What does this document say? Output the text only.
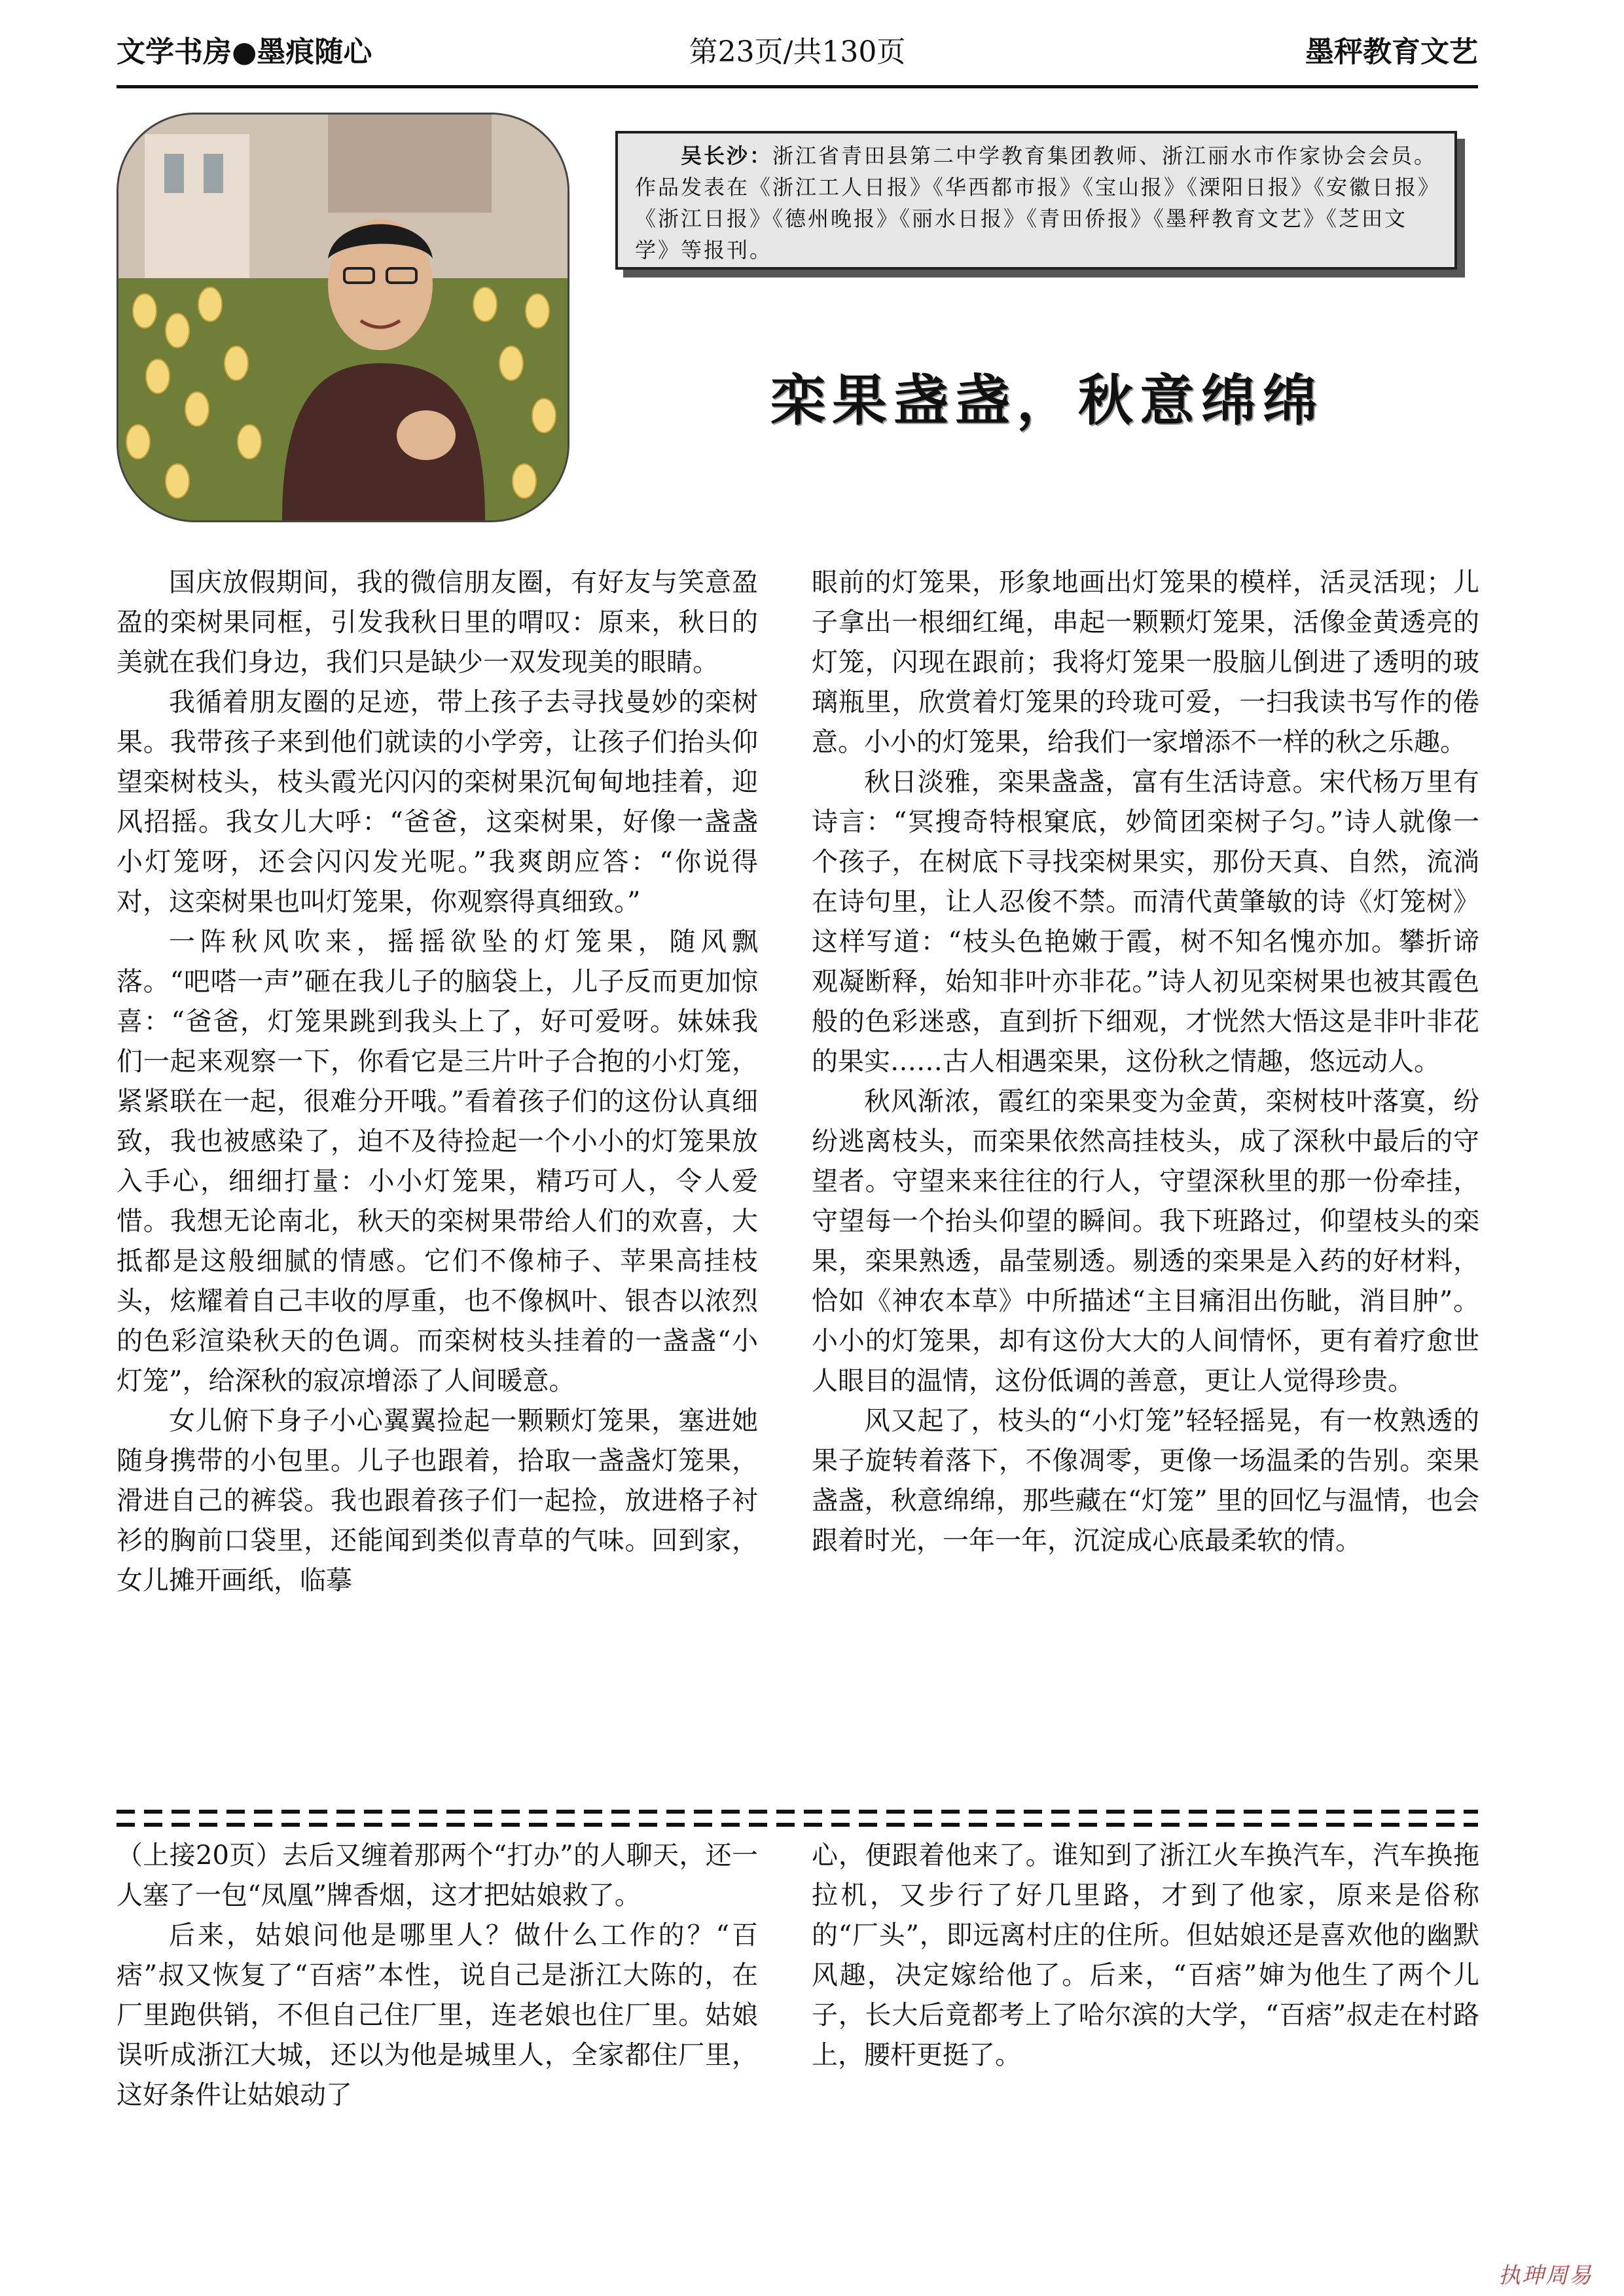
文学书房●墨痕随心	第23页/共130页	墨秤教育文艺

吴长沙：浙江省青田县第二中学教育集团教师、浙江丽水市作家协会会员。作品发表在《浙江工人日报》《华西都市报》《宝山报》《溧阳日报》《安徽日报》《浙江日报》《德州晚报》《丽水日报》《青田侨报》《墨秤教育文艺》《芝田文学》等报刊。

栾果盏盏，秋意绵绵

国庆放假期间，我的微信朋友圈，有好友与笑意盈盈的栾树果同框，引发我秋日里的喟叹：原来，秋日的美就在我们身边，我们只是缺少一双发现美的眼睛。

我循着朋友圈的足迹，带上孩子去寻找曼妙的栾树果。我带孩子来到他们就读的小学旁，让孩子们抬头仰望栾树枝头，枝头霞光闪闪的栾树果沉甸甸地挂着，迎风招摇。我女儿大呼：“爸爸，这栾树果，好像一盏盏小灯笼呀，还会闪闪发光呢。”我爽朗应答：“你说得对，这栾树果也叫灯笼果，你观察得真细致。”

一阵秋风吹来，摇摇欲坠的灯笼果，随风飘落。“吧嗒一声”砸在我儿子的脑袋上，儿子反而更加惊喜：“爸爸，灯笼果跳到我头上了，好可爱呀。妹妹我们一起来观察一下，你看它是三片叶子合抱的小灯笼，紧紧联在一起，很难分开哦。”看着孩子们的这份认真细致，我也被感染了，迫不及待捡起一个小小的灯笼果放入手心，细细打量：小小灯笼果，精巧可人，令人爱惜。我想无论南北，秋天的栾树果带给人们的欢喜，大抵都是这般细腻的情感。它们不像柿子、苹果高挂枝头，炫耀着自己丰收的厚重，也不像枫叶、银杏以浓烈的色彩渲染秋天的色调。而栾树枝头挂着的一盏盏“小灯笼”，给深秋的寂凉增添了人间暖意。

女儿俯下身子小心翼翼捡起一颗颗灯笼果，塞进她随身携带的小包里。儿子也跟着，拾取一盏盏灯笼果，滑进自己的裤袋。我也跟着孩子们一起捡，放进格子衬衫的胸前口袋里，还能闻到类似青草的气味。回到家，女儿摊开画纸，临摹

眼前的灯笼果，形象地画出灯笼果的模样，活灵活现；儿子拿出一根细红绳，串起一颗颗灯笼果，活像金黄透亮的灯笼，闪现在跟前；我将灯笼果一股脑儿倒进了透明的玻璃瓶里，欣赏着灯笼果的玲珑可爱，一扫我读书写作的倦意。小小的灯笼果，给我们一家增添不一样的秋之乐趣。

秋日淡雅，栾果盏盏，富有生活诗意。宋代杨万里有诗言：“冥搜奇特根窠底，妙简团栾树子匀。”诗人就像一个孩子，在树底下寻找栾树果实，那份天真、自然，流淌在诗句里，让人忍俊不禁。而清代黄肇敏的诗《灯笼树》这样写道：“枝头色艳嫩于霞，树不知名愧亦加。攀折谛观凝断释，始知非叶亦非花。”诗人初见栾树果也被其霞色般的色彩迷惑，直到折下细观，才恍然大悟这是非叶非花的果实……古人相遇栾果，这份秋之情趣，悠远动人。

秋风渐浓，霞红的栾果变为金黄，栾树枝叶落寞，纷纷逃离枝头，而栾果依然高挂枝头，成了深秋中最后的守望者。守望来来往往的行人，守望深秋里的那一份牵挂，守望每一个抬头仰望的瞬间。我下班路过，仰望枝头的栾果，栾果熟透，晶莹剔透。剔透的栾果是入药的好材料，恰如《神农本草》中所描述“主目痛泪出伤眦，消目肿”。小小的灯笼果，却有这份大大的人间情怀，更有着疗愈世人眼目的温情，这份低调的善意，更让人觉得珍贵。

风又起了，枝头的“小灯笼”轻轻摇晃，有一枚熟透的果子旋转着落下，不像凋零，更像一场温柔的告别。栾果盏盏，秋意绵绵，那些藏在“灯笼” 里的回忆与温情，也会跟着时光，一年一年，沉淀成心底最柔软的情。

（上接20页）去后又缠着那两个“打办”的人聊天，还一人塞了一包“凤凰”牌香烟，这才把姑娘救了。

后来，姑娘问他是哪里人？做什么工作的？“百痞”叔又恢复了“百痞”本性，说自己是浙江大陈的，在厂里跑供销，不但自己住厂里，连老娘也住厂里。姑娘误听成浙江大城，还以为他是城里人，全家都住厂里，这好条件让姑娘动了

心，便跟着他来了。谁知到了浙江火车换汽车，汽车换拖拉机，又步行了好几里路，才到了他家，原来是俗称的“厂头”，即远离村庄的住所。但姑娘还是喜欢他的幽默风趣，决定嫁给他了。后来，“百痞”婶为他生了两个儿子，长大后竟都考上了哈尔滨的大学，“百痞”叔走在村路上，腰杆更挺了。

执珅周易
